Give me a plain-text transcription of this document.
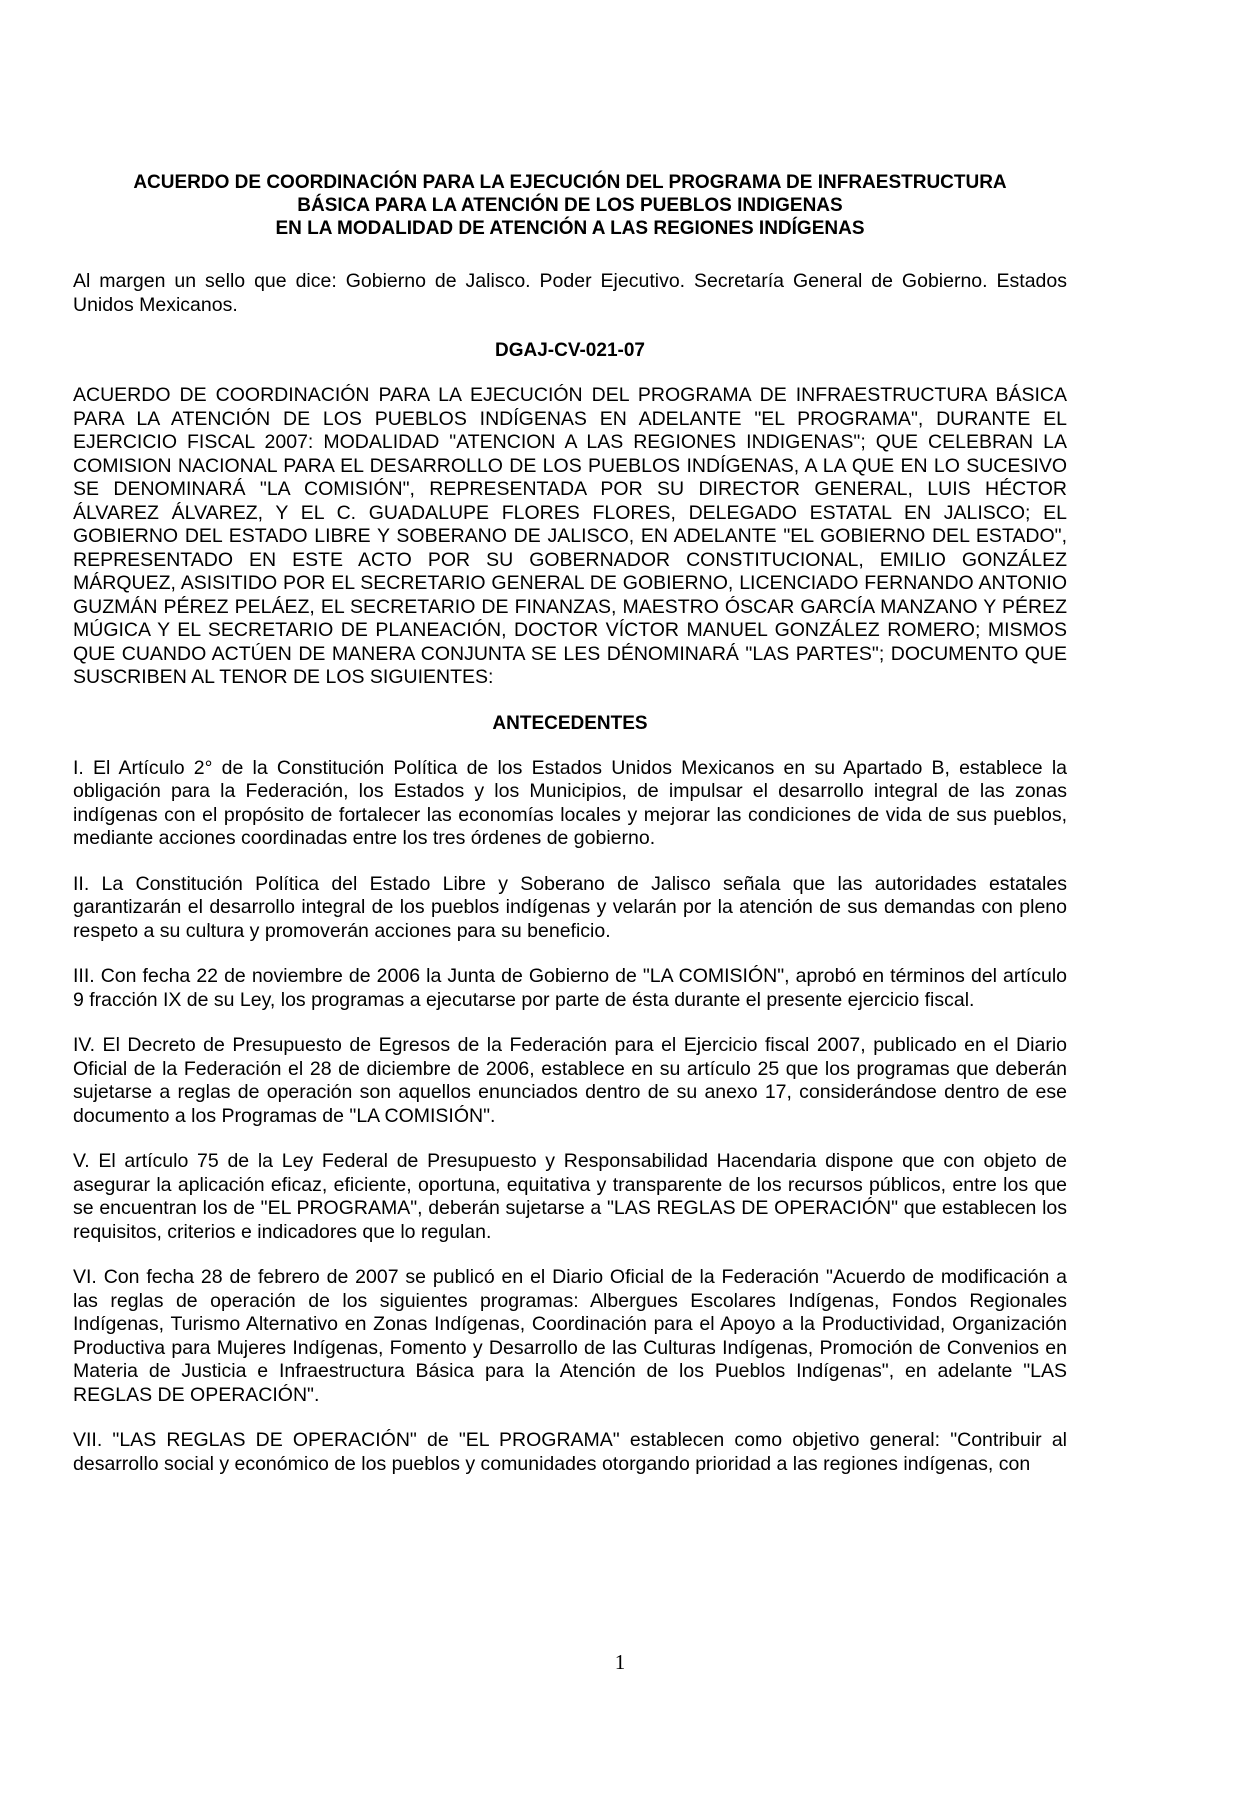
ACUERDO DE COORDINACIÓN PARA LA EJECUCIÓN DEL PROGRAMA DE INFRAESTRUCTURA
BÁSICA PARA LA ATENCIÓN DE LOS PUEBLOS INDIGENAS
EN LA MODALIDAD DE ATENCIÓN A LAS REGIONES INDÍGENAS

Al margen un sello que dice: Gobierno de Jalisco. Poder Ejecutivo. Secretaría General de Gobierno. Estados Unidos Mexicanos.

DGAJ-CV-021-07

ACUERDO DE COORDINACIÓN PARA LA EJECUCIÓN DEL PROGRAMA DE INFRAESTRUCTURA BÁSICA PARA LA ATENCIÓN DE LOS PUEBLOS INDÍGENAS EN ADELANTE "EL PROGRAMA", DURANTE EL EJERCICIO FISCAL 2007: MODALIDAD "ATENCION A LAS REGIONES INDIGENAS"; QUE CELEBRAN LA COMISION NACIONAL PARA EL DESARROLLO DE LOS PUEBLOS INDÍGENAS, A LA QUE EN LO SUCESIVO SE DENOMINARÁ "LA COMISIÓN", REPRESENTADA POR SU DIRECTOR GENERAL, LUIS HÉCTOR ÁLVAREZ ÁLVAREZ, Y EL C. GUADALUPE FLORES FLORES, DELEGADO ESTATAL EN JALISCO; EL GOBIERNO DEL ESTADO LIBRE Y SOBERANO DE JALISCO, EN ADELANTE "EL GOBIERNO DEL ESTADO", REPRESENTADO EN ESTE ACTO POR SU GOBERNADOR CONSTITUCIONAL, EMILIO GONZÁLEZ MÁRQUEZ, ASISITIDO POR EL SECRETARIO GENERAL DE GOBIERNO, LICENCIADO FERNANDO ANTONIO GUZMÁN PÉREZ PELÁEZ, EL SECRETARIO DE FINANZAS, MAESTRO ÓSCAR GARCÍA MANZANO Y PÉREZ MÚGICA Y EL SECRETARIO DE PLANEACIÓN, DOCTOR VÍCTOR MANUEL GONZÁLEZ ROMERO; MISMOS QUE CUANDO ACTÚEN DE MANERA CONJUNTA SE LES DÉNOMINARÁ "LAS PARTES"; DOCUMENTO QUE SUSCRIBEN AL TENOR DE LOS SIGUIENTES:

ANTECEDENTES

I. El Artículo 2° de la Constitución Política de los Estados Unidos Mexicanos en su Apartado B, establece la obligación para la Federación, los Estados y los Municipios, de impulsar el desarrollo integral de las zonas indígenas con el propósito de fortalecer las economías locales y mejorar las condiciones de vida de sus pueblos, mediante acciones coordinadas entre los tres órdenes de gobierno.

II. La Constitución Política del Estado Libre y Soberano de Jalisco señala que las autoridades estatales garantizarán el desarrollo integral de los pueblos indígenas y velarán por la atención de sus demandas con pleno respeto a su cultura y promoverán acciones para su beneficio.

III. Con fecha 22 de noviembre de 2006 la Junta de Gobierno de "LA COMISIÓN", aprobó en términos del artículo 9 fracción IX de su Ley, los programas a ejecutarse por parte de ésta durante el presente ejercicio fiscal.

IV. El Decreto de Presupuesto de Egresos de la Federación para el Ejercicio fiscal 2007, publicado en el Diario Oficial de la Federación el 28 de diciembre de 2006, establece en su artículo 25 que los programas que deberán sujetarse a reglas de operación son aquellos enunciados dentro de su anexo 17, considerándose dentro de ese documento a los Programas de "LA COMISIÓN".

V. El artículo 75 de la Ley Federal de Presupuesto y Responsabilidad Hacendaria dispone que con objeto de asegurar la aplicación eficaz, eficiente, oportuna, equitativa y transparente de los recursos públicos, entre los que se encuentran los de "EL PROGRAMA", deberán sujetarse a "LAS REGLAS DE OPERACIÓN" que establecen los requisitos, criterios e indicadores que lo regulan.

VI. Con fecha 28 de febrero de 2007 se publicó en el Diario Oficial de la Federación "Acuerdo de modificación a las reglas de operación de los siguientes programas: Albergues Escolares Indígenas, Fondos Regionales Indígenas, Turismo Alternativo en Zonas Indígenas, Coordinación para el Apoyo a la Productividad, Organización Productiva para Mujeres Indígenas, Fomento y Desarrollo de las Culturas Indígenas, Promoción de Convenios en Materia de Justicia e Infraestructura Básica para la Atención de los Pueblos Indígenas", en adelante "LAS REGLAS DE OPERACIÓN".

VII. "LAS REGLAS DE OPERACIÓN" de "EL PROGRAMA" establecen como objetivo general: "Contribuir al desarrollo social y económico de los pueblos y comunidades otorgando prioridad a las regiones indígenas, con

1
